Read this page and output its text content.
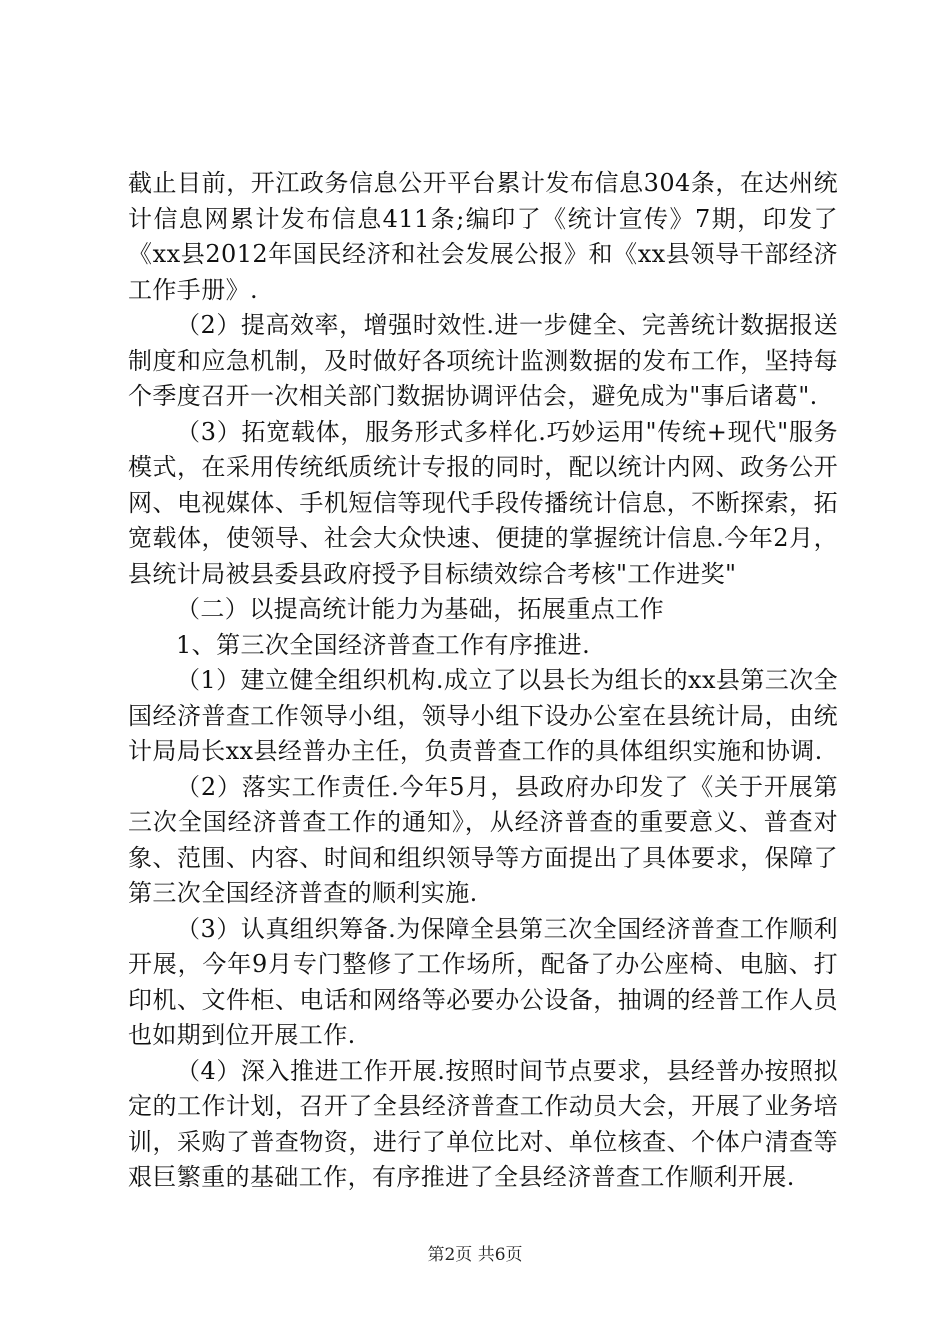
截止目前，开江政务信息公开平台累计发布信息304条，在达州统计信息网累计发布信息411条;编印了《统计宣传》7期，印发了《xx县2012年国民经济和社会发展公报》和《xx县领导干部经济工作手册》.

（2）提高效率，增强时效性.进一步健全、完善统计数据报送制度和应急机制，及时做好各项统计监测数据的发布工作，坚持每个季度召开一次相关部门数据协调评估会，避免成为"事后诸葛".

（3）拓宽载体，服务形式多样化.巧妙运用"传统+现代"服务模式，在采用传统纸质统计专报的同时，配以统计内网、政务公开网、电视媒体、手机短信等现代手段传播统计信息，不断探索，拓宽载体，使领导、社会大众快速、便捷的掌握统计信息.今年2月，县统计局被县委县政府授予目标绩效综合考核"工作进奖"

（二）以提高统计能力为基础，拓展重点工作

1、第三次全国经济普查工作有序推进.

（1）建立健全组织机构.成立了以县长为组长的xx县第三次全国经济普查工作领导小组，领导小组下设办公室在县统计局，由统计局局长xx县经普办主任，负责普查工作的具体组织实施和协调.

（2）落实工作责任.今年5月，县政府办印发了《关于开展第三次全国经济普查工作的通知》，从经济普查的重要意义、普查对象、范围、内容、时间和组织领导等方面提出了具体要求，保障了第三次全国经济普查的顺利实施.

（3）认真组织筹备.为保障全县第三次全国经济普查工作顺利开展，今年9月专门整修了工作场所，配备了办公座椅、电脑、打印机、文件柜、电话和网络等必要办公设备，抽调的经普工作人员也如期到位开展工作.

（4）深入推进工作开展.按照时间节点要求，县经普办按照拟定的工作计划，召开了全县经济普查工作动员大会，开展了业务培训，采购了普查物资，进行了单位比对、单位核查、个体户清查等艰巨繁重的基础工作，有序推进了全县经济普查工作顺利开展.

第2页 共6页
